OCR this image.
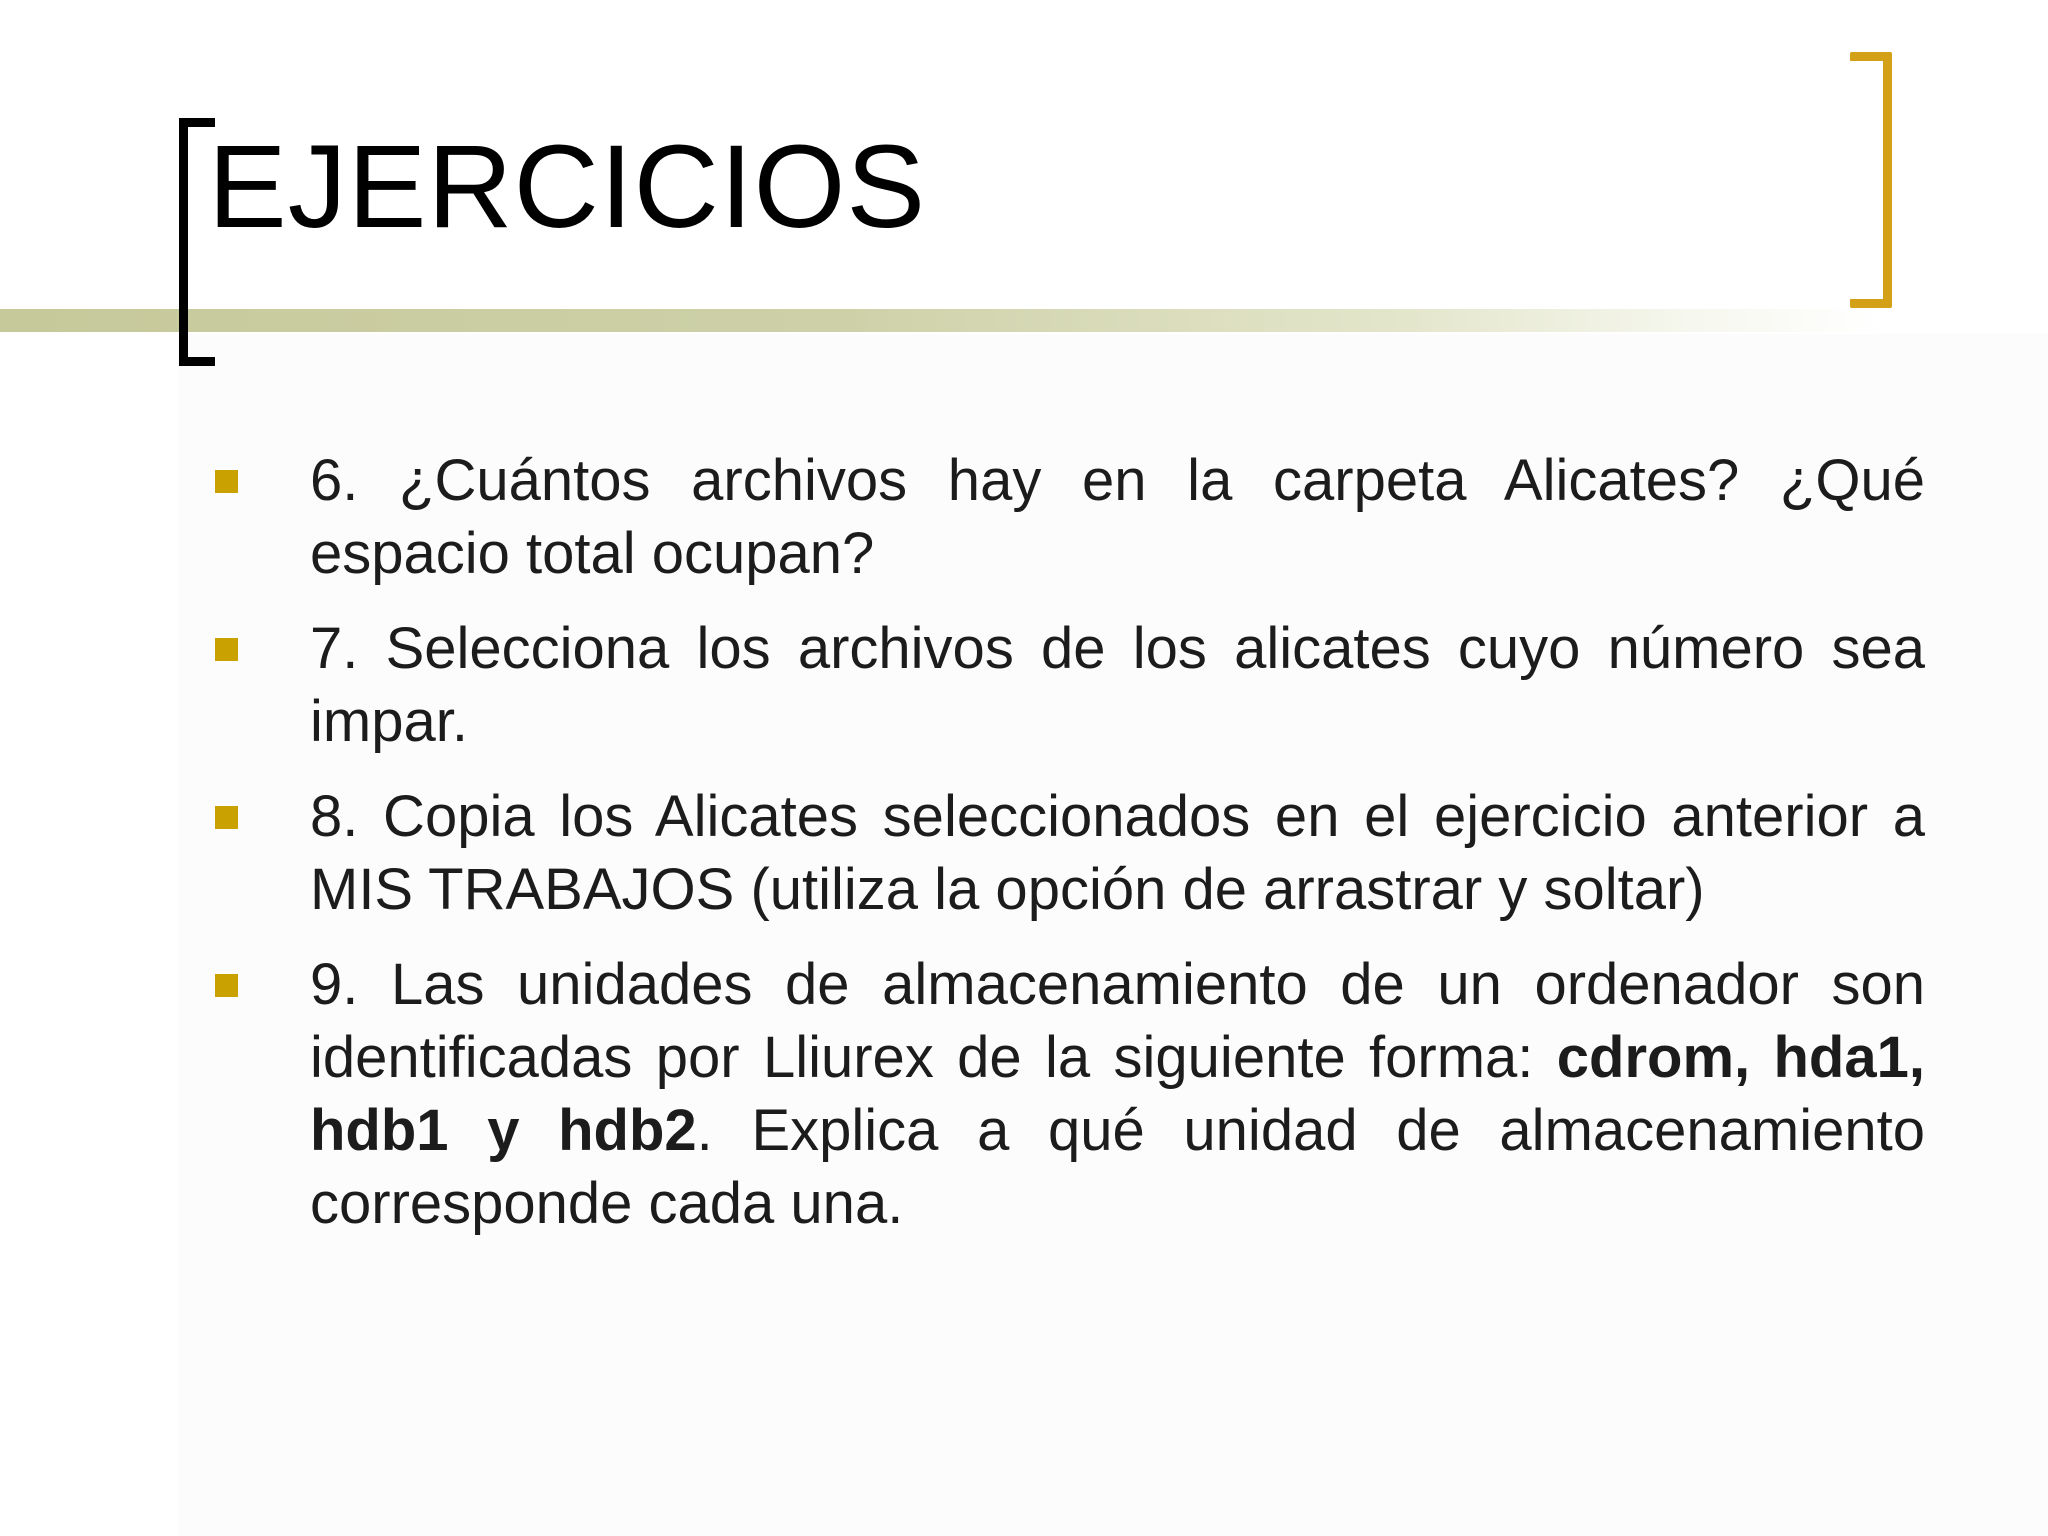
EJERCICIOS
6. ¿Cuántos archivos hay en la carpeta Alicates? ¿Qué espacio total ocupan?
7. Selecciona los archivos de los alicates cuyo número sea impar.
8. Copia los Alicates seleccionados en el ejercicio anterior a MIS TRABAJOS (utiliza la opción de arrastrar y soltar)
9. Las unidades de almacenamiento de un ordenador son identificadas por Lliurex de la siguiente forma: cdrom, hda1, hdb1 y hdb2. Explica a qué unidad de almacenamiento corresponde cada una.
